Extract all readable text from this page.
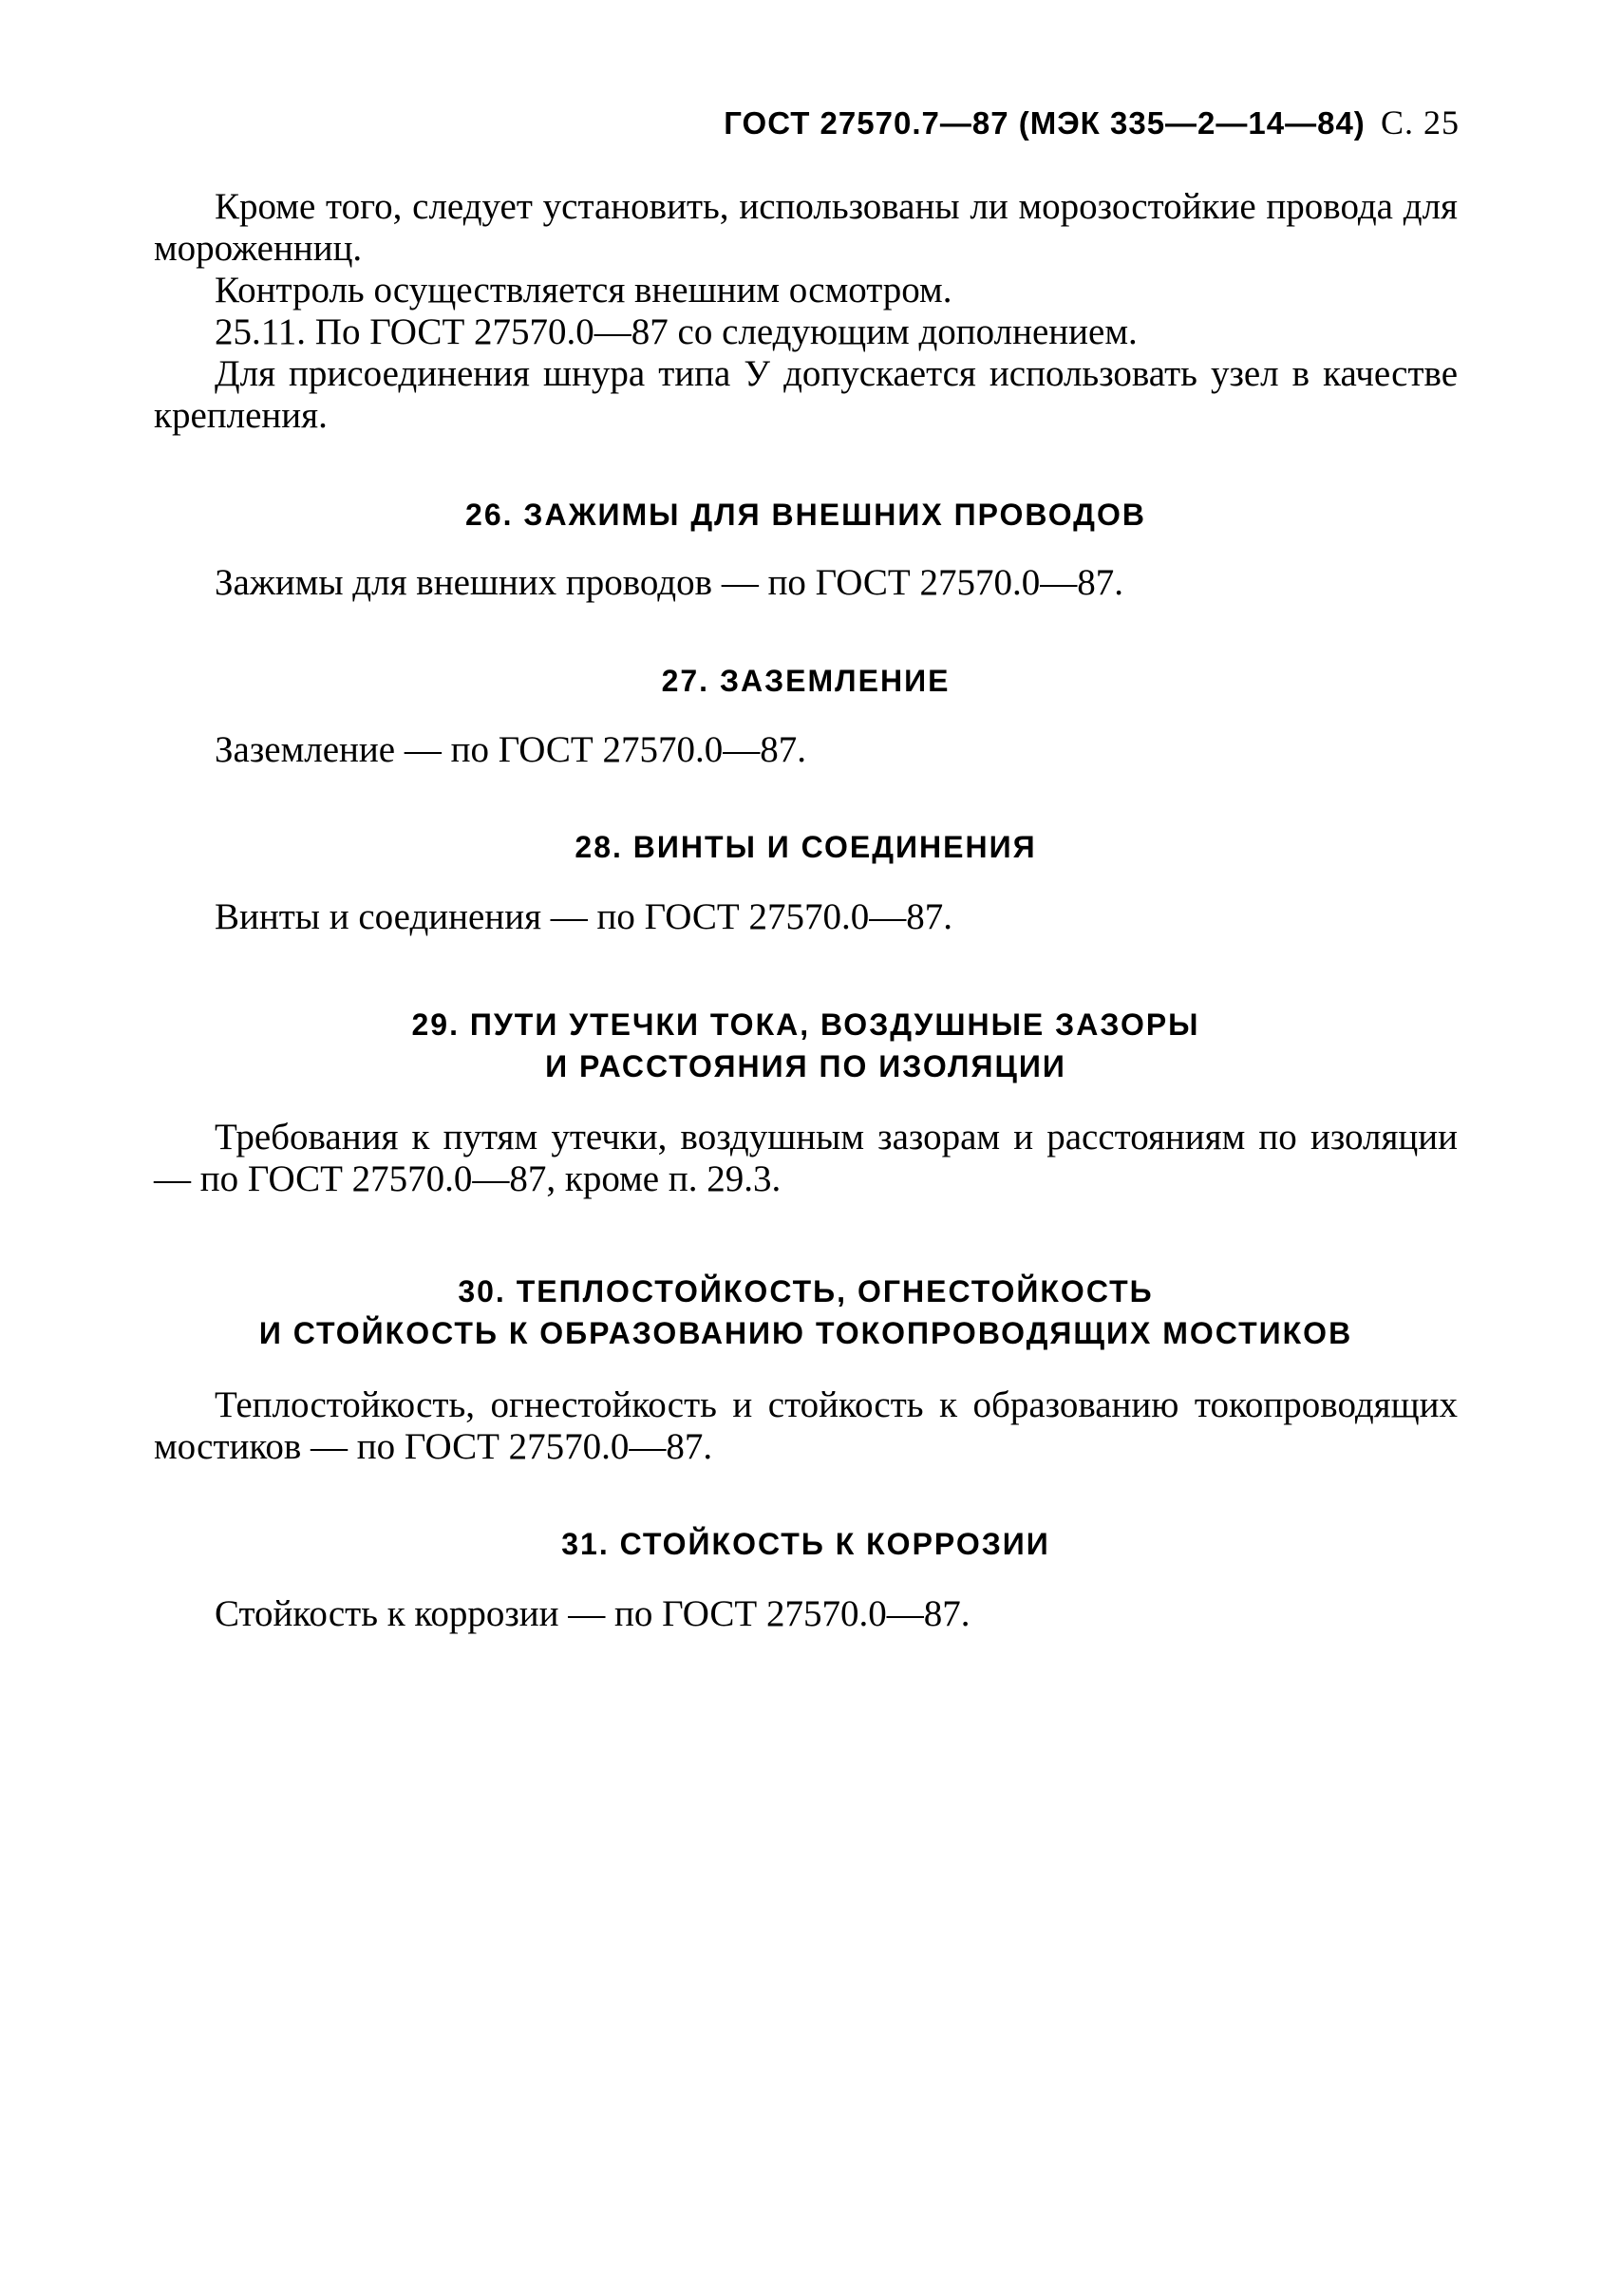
ГОСТ 27570.7—87 (МЭК 335—2—14—84) С. 25

Кроме того, следует установить, использованы ли морозостойкие провода для мороженниц.

Контроль осуществляется внешним осмотром.

25.11. По ГОСТ 27570.0—87 со следующим дополнением.

Для присоединения шнура типа У допускается использовать узел в качестве крепления.

26. ЗАЖИМЫ ДЛЯ ВНЕШНИХ ПРОВОДОВ

Зажимы для внешних проводов — по ГОСТ 27570.0—87.

27. ЗАЗЕМЛЕНИЕ

Заземление — по ГОСТ 27570.0—87.

28. ВИНТЫ И СОЕДИНЕНИЯ

Винты и соединения — по ГОСТ 27570.0—87.

29. ПУТИ УТЕЧКИ ТОКА, ВОЗДУШНЫЕ ЗАЗОРЫ
И РАССТОЯНИЯ ПО ИЗОЛЯЦИИ

Требования к путям утечки, воздушным зазорам и расстояниям по изоляции — по ГОСТ 27570.0—87, кроме п. 29.3.

30. ТЕПЛОСТОЙКОСТЬ, ОГНЕСТОЙКОСТЬ
И СТОЙКОСТЬ К ОБРАЗОВАНИЮ ТОКОПРОВОДЯЩИХ МОСТИКОВ

Теплостойкость, огнестойкость и стойкость к образованию токопроводящих мостиков — по ГОСТ 27570.0—87.

31. СТОЙКОСТЬ К КОРРОЗИИ

Стойкость к коррозии — по ГОСТ 27570.0—87.
